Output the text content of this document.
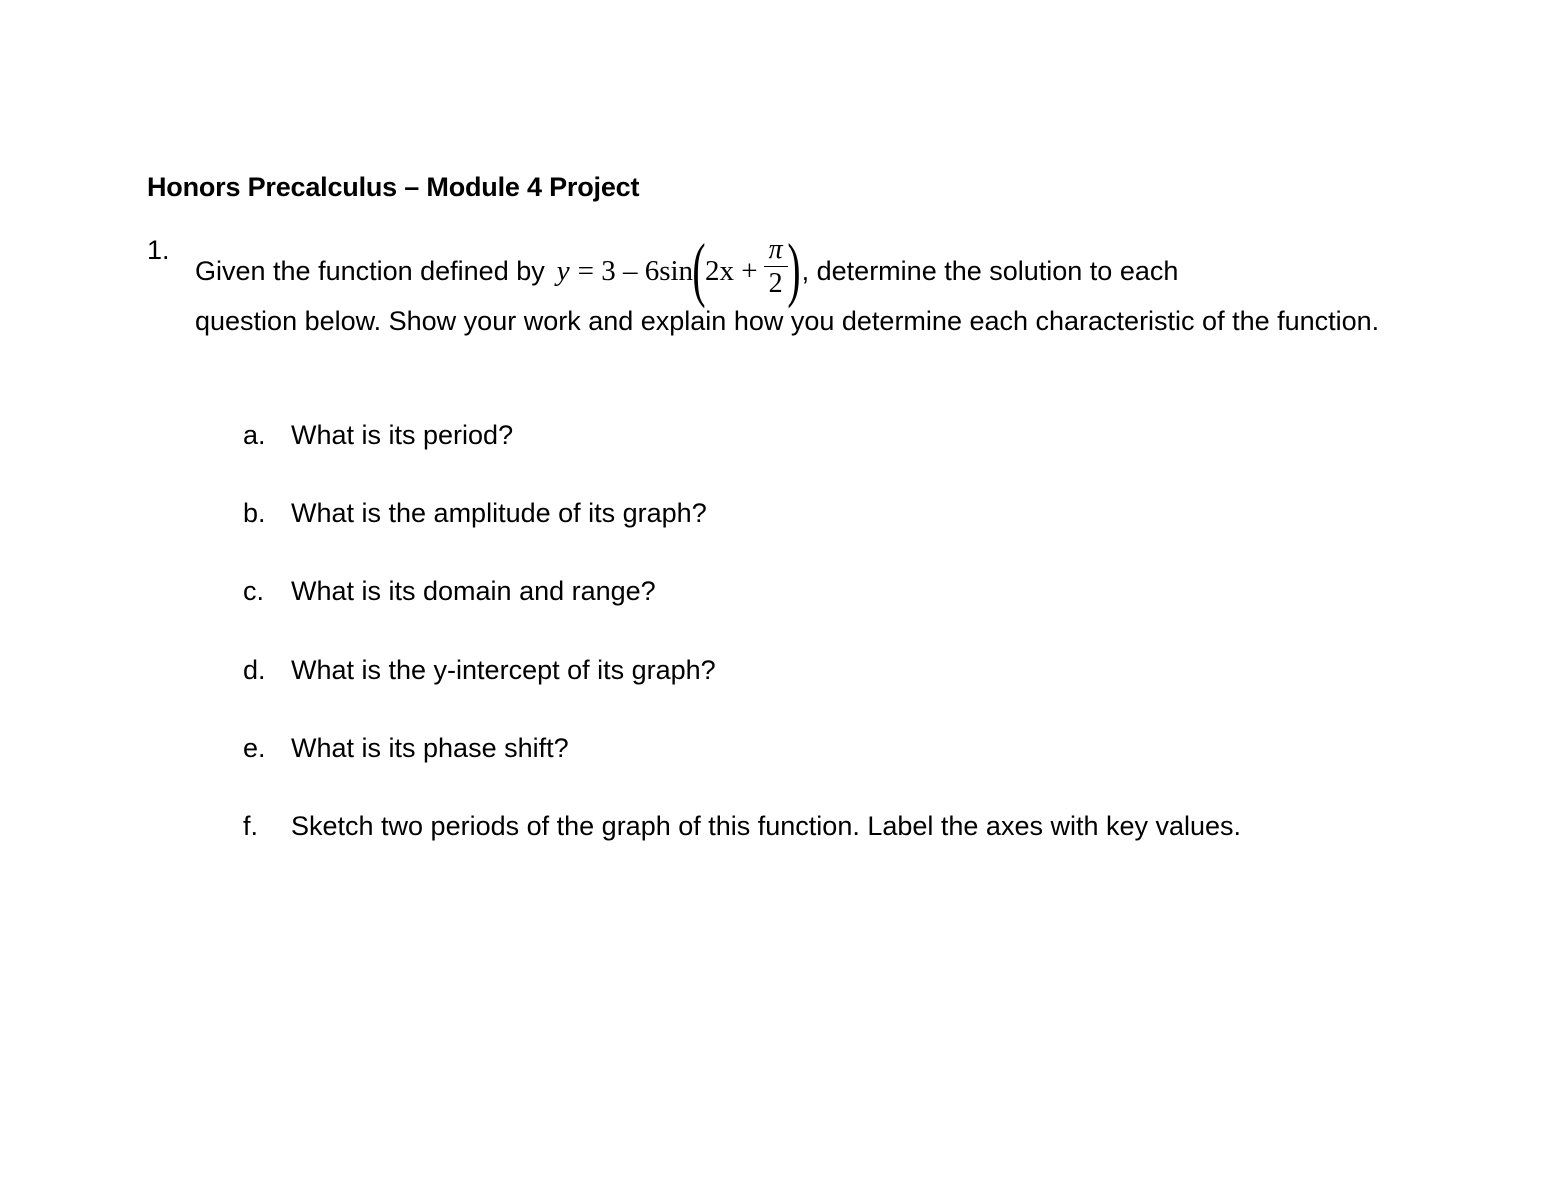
Honors Precalculus – Module 4 Project
1.
Given the function defined by y = 3 – 6sin ( $2x + \frac{\pi}{2}$ ) , determine the solution to each
question below. Show your work and explain how you determine each characteristic of the function.
a. What is its period?
b. What is the amplitude of its graph?
c. What is its domain and range?
d. What is the y-intercept of its graph?
e. What is its phase shift?
f. Sketch two periods of the graph of this function. Label the axes with key values.
